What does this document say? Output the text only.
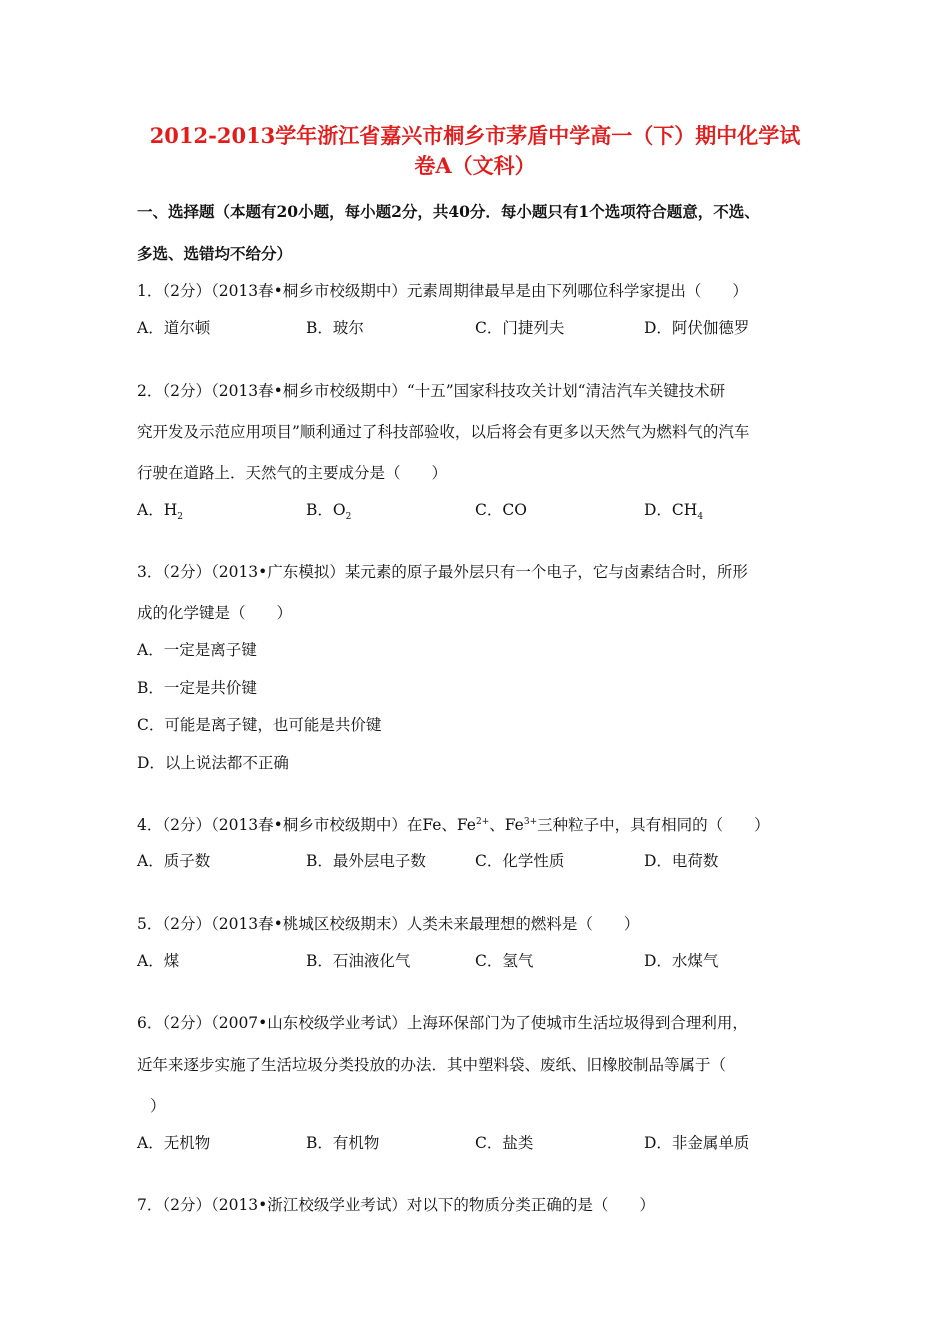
2012-2013学年浙江省嘉兴市桐乡市茅盾中学高一（下）期中化学试
卷A（文科）
一、选择题（本题有20小题，每小题2分，共40分．每小题只有1个选项符合题意，不选、
多选、选错均不给分）
1．（2分）（2013春•桐乡市校级期中）元素周期律最早是由下列哪位科学家提出（　　）
A．道尔顿	B．玻尔	C．门捷列夫	D．阿伏伽德罗
2．（2分）（2013春•桐乡市校级期中）“十五”国家科技攻关计划“清洁汽车关键技术研
究开发及示范应用项目”顺利通过了科技部验收，以后将会有更多以天然气为燃料气的汽车
行驶在道路上．天然气的主要成分是（　　）
A．$H_2$	B．$O_2$	C．CO	D．$CH_4$
3．（2分）（2013•广东模拟）某元素的原子最外层只有一个电子，它与卤素结合时，所形
成的化学键是（　　）
A．一定是离子键
B．一定是共价键
C．可能是离子键，也可能是共价键
D．以上说法都不正确
4．（2分）（2013春•桐乡市校级期中）在Fe、$Fe^{2+}$、$Fe^{3+}$三种粒子中，具有相同的（　　）
A．质子数	B．最外层电子数	C．化学性质	D．电荷数
5．（2分）（2013春•桃城区校级期末）人类未来最理想的燃料是（　　）
A．煤	B．石油液化气	C．氢气	D．水煤气
6．（2分）（2007•山东校级学业考试）上海环保部门为了使城市生活垃圾得到合理利用，
近年来逐步实施了生活垃圾分类投放的办法．其中塑料袋、废纸、旧橡胶制品等属于（
）
A．无机物	B．有机物	C．盐类	D．非金属单质
7．（2分）（2013•浙江校级学业考试）对以下的物质分类正确的是（　　）
